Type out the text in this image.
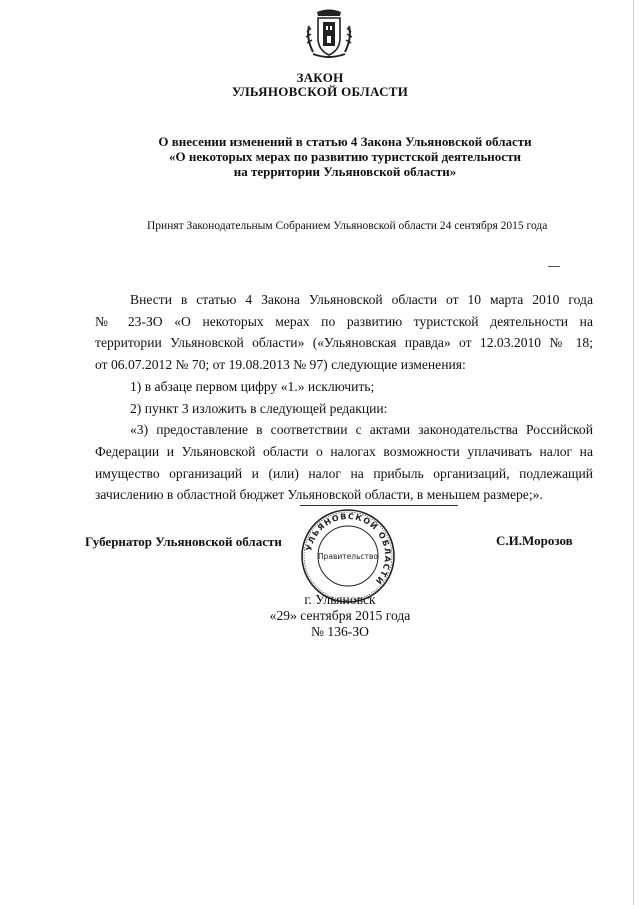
ЗАКОН
УЛЬЯНОВСКОЙ ОБЛАСТИ
О внесении изменений в статью 4 Закона Ульяновской области
«О некоторых мерах по развитию туристской деятельности
на территории Ульяновской области»
Принят Законодательным Собранием Ульяновской области 24 сентября 2015 года

Внести в статью 4 Закона Ульяновской области от 10 марта 2010 года

№ 23-ЗО «О некоторых мерах по развитию туристской деятельности на

территории Ульяновской области» («Ульяновская правда» от 12.03.2010 № 18;

от 06.07.2012 № 70; от 19.08.2013 № 97) следующие изменения:

1) в абзаце первом цифру «1.» исключить;

2) пункт 3 изложить в следующей редакции:

«3) предоставление в соответствии с актами законодательства Российской

Федерации и Ульяновской области о налогах возможности уплачивать налог на

имущество организаций и (или) налог на прибыль организаций, подлежащий

зачислению в областной бюджет Ульяновской области, в меньшем размере;».

Губернатор Ульяновской области	С.И.Морозов
УЛЬЯНОВСКОЙ ОБЛАСТИ
Правительство
г. Ульяновск
«29» сентября 2015 года
№ 136-ЗО
